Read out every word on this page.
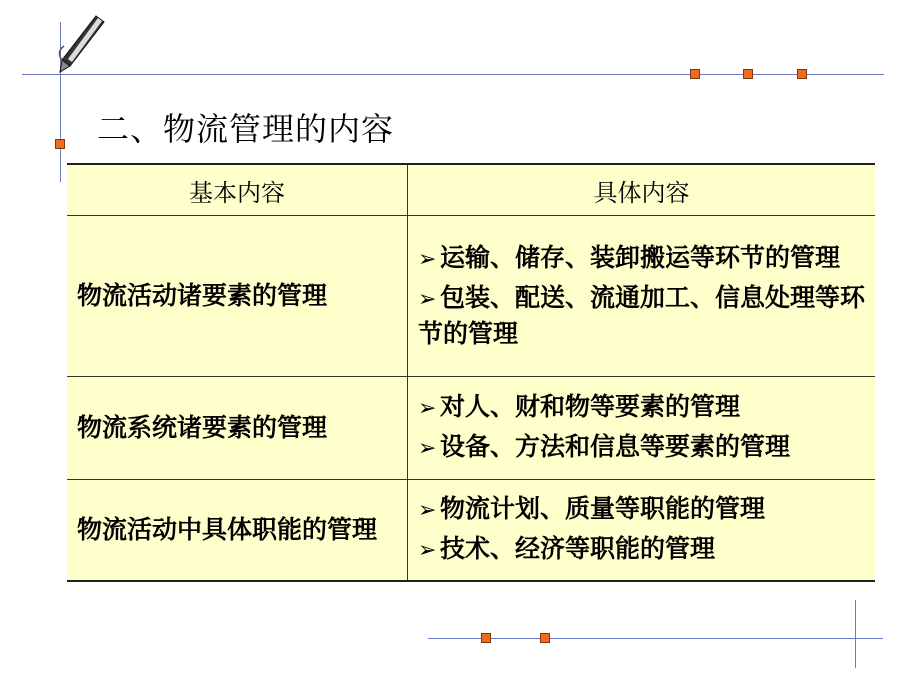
二、物流管理的内容
基本内容	具体内容
物流活动诸要素的管理	➢ 运输、储存、装卸搬运等环节的管理
➢ 包装、配送、流通加工、信息处理等环节的管理

物流系统诸要素的管理	➢ 对人、财和物等要素的管理
➢ 设备、方法和信息等要素的管理

物流活动中具体职能的管理	➢ 物流计划、质量等职能的管理
➢ 技术、经济等职能的管理
